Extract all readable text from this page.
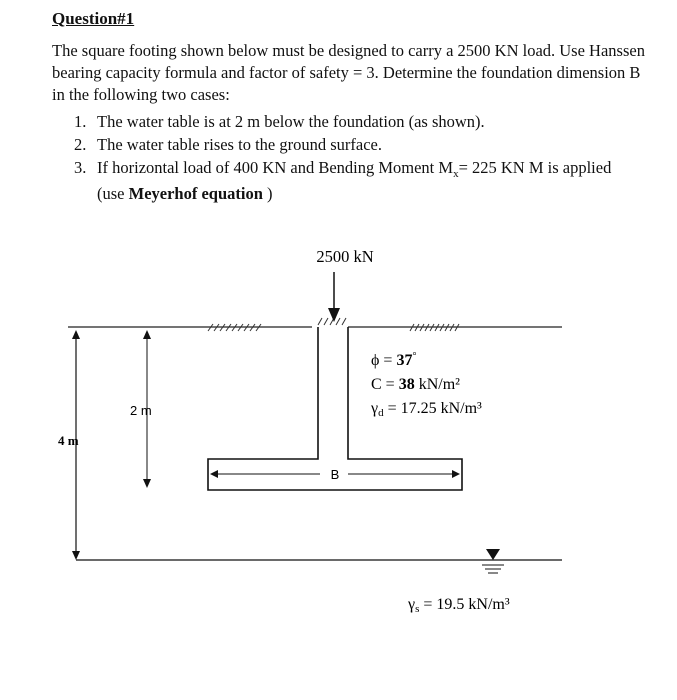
Question#1
The square footing shown below must be designed to carry a 2500 KN load. Use Hanssen bearing capacity formula and factor of safety = 3. Determine the foundation dimension B in the following two cases:
1. The water table is at 2 m below the foundation (as shown).
2. The water table rises to the ground surface.
3. If horizontal load of 400 KN and Bending Moment $M_x= 225$ KN M is applied
(use Meyerhof equation )
2500 kN
2 m
4 m
B
ϕ = 37°
C = 38 kN/m²
γd = 17.25 kN/m³
γs = 19.5 kN/m³
